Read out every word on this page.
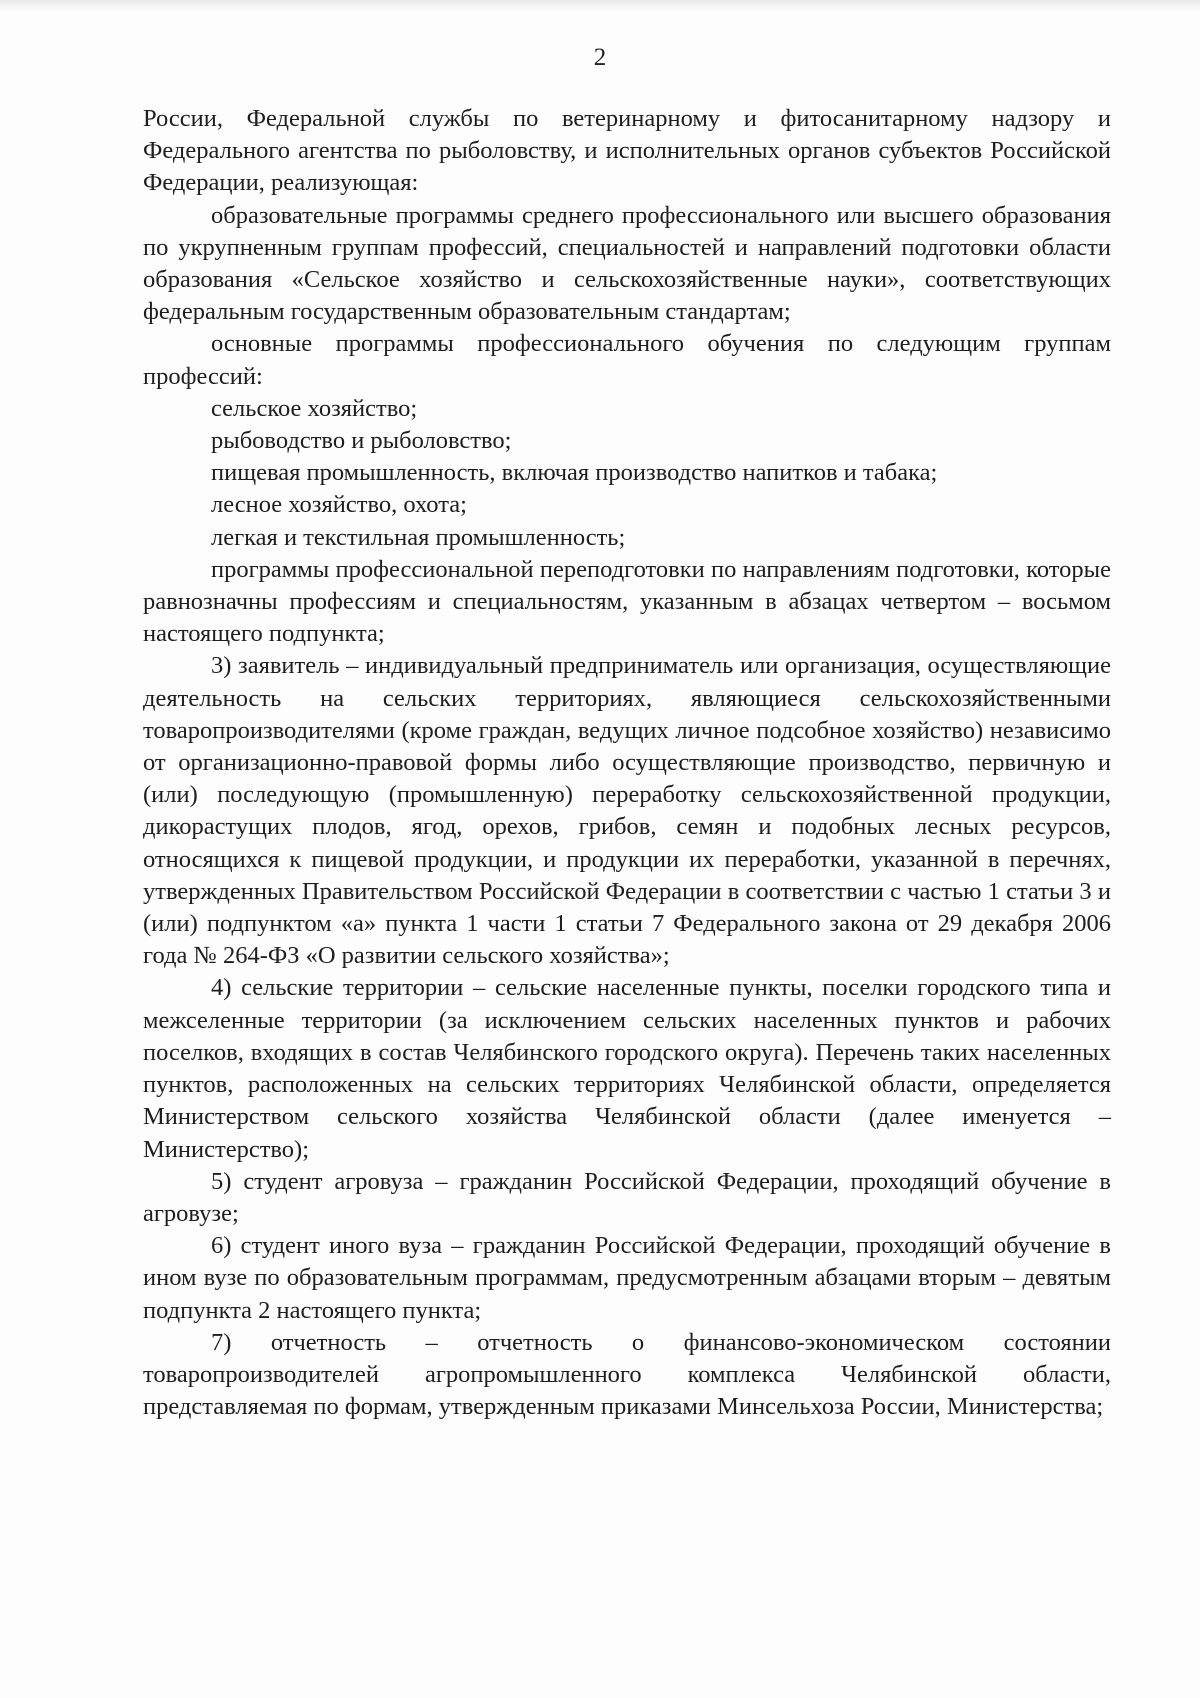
2

России, Федеральной службы по ветеринарному и фитосанитарному надзору и Федерального агентства по рыболовству, и исполнительных органов субъектов Российской Федерации, реализующая:

образовательные программы среднего профессионального или высшего образования по укрупненным группам профессий, специальностей и направлений подготовки области образования «Сельское хозяйство и сельскохозяйственные науки», соответствующих федеральным государственным образовательным стандартам;

основные программы профессионального обучения по следующим группам профессий:

сельское хозяйство;

рыбоводство и рыболовство;

пищевая промышленность, включая производство напитков и табака;

лесное хозяйство, охота;

легкая и текстильная промышленность;

программы профессиональной переподготовки по направлениям подготовки, которые равнозначны профессиям и специальностям, указанным в абзацах четвертом – восьмом настоящего подпункта;

3) заявитель – индивидуальный предприниматель или организация, осуществляющие деятельность на сельских территориях, являющиеся сельскохозяйственными товаропроизводителями (кроме граждан, ведущих личное подсобное хозяйство) независимо от организационно-правовой формы либо осуществляющие производство, первичную и (или) последующую (промышленную) переработку сельскохозяйственной продукции, дикорастущих плодов, ягод, орехов, грибов, семян и подобных лесных ресурсов, относящихся к пищевой продукции, и продукции их переработки, указанной в перечнях, утвержденных Правительством Российской Федерации в соответствии с частью 1 статьи 3 и (или) подпунктом «а» пункта 1 части 1 статьи 7 Федерального закона от 29 декабря 2006 года № 264-ФЗ «О развитии сельского хозяйства»;

4) сельские территории – сельские населенные пункты, поселки городского типа и межселенные территории (за исключением сельских населенных пунктов и рабочих поселков, входящих в состав Челябинского городского округа). Перечень таких населенных пунктов, расположенных на сельских территориях Челябинской области, определяется Министерством сельского хозяйства Челябинской области (далее именуется – Министерство);

5) студент агровуза – гражданин Российской Федерации, проходящий обучение в агровузе;

6) студент иного вуза – гражданин Российской Федерации, проходящий обучение в ином вузе по образовательным программам, предусмотренным абзацами вторым – девятым подпункта 2 настоящего пункта;

7) отчетность – отчетность о финансово-экономическом состоянии товаропроизводителей агропромышленного комплекса Челябинской области, представляемая по формам, утвержденным приказами Минсельхоза России, Министерства;
